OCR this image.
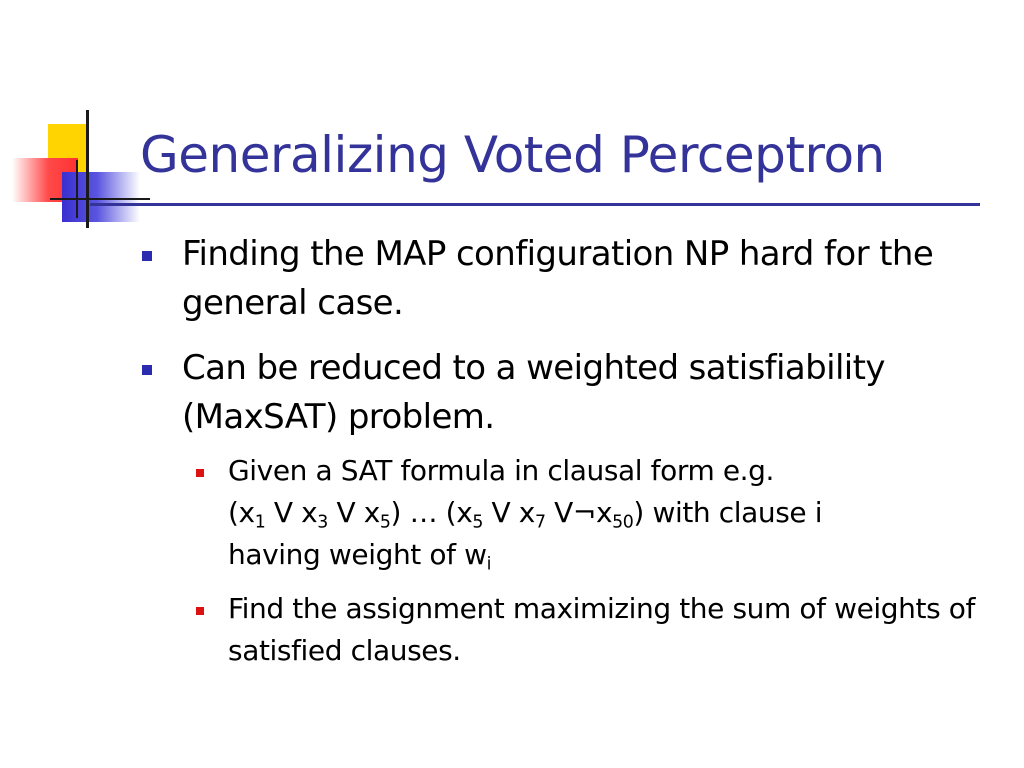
Generalizing Voted Perceptron
Finding the MAP configuration NP hard for the general case.
Can be reduced to a weighted satisfiability (MaxSAT) problem.
Given a SAT formula in clausal form e.g.
($x_1$ V $x_3$ V $x_5$) … ($x_5$ V $x_7$ $V\neg x_{50}$) with clause i
having weight of $w_i$
Find the assignment maximizing the sum of weights of satisfied clauses.
